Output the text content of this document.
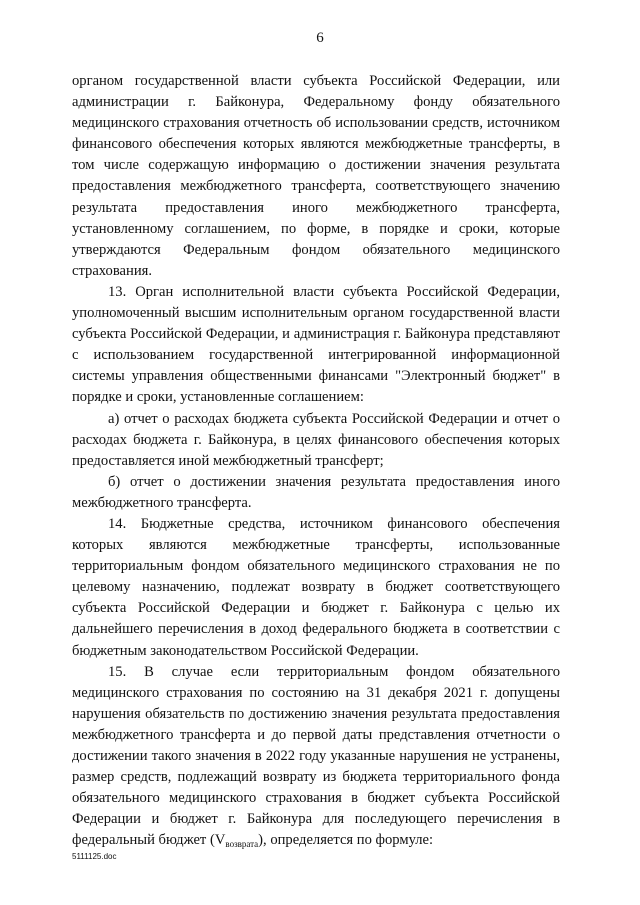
6

органом государственной власти субъекта Российской Федерации, или администрации г. Байконура, Федеральному фонду обязательного медицинского страхования отчетность об использовании средств, источником финансового обеспечения которых являются межбюджетные трансферты, в том числе содержащую информацию о достижении значения результата предоставления межбюджетного трансферта, соответствующего значению результата предоставления иного межбюджетного трансферта, установленному соглашением, по форме, в порядке и сроки, которые утверждаются Федеральным фондом обязательного медицинского страхования.

13. Орган исполнительной власти субъекта Российской Федерации, уполномоченный высшим исполнительным органом государственной власти субъекта Российской Федерации, и администрация г. Байконура представляют с использованием государственной интегрированной информационной системы управления общественными финансами "Электронный бюджет" в порядке и сроки, установленные соглашением:

а) отчет о расходах бюджета субъекта Российской Федерации и отчет о расходах бюджета г. Байконура, в целях финансового обеспечения которых предоставляется иной межбюджетный трансферт;

б) отчет о достижении значения результата предоставления иного межбюджетного трансферта.

14. Бюджетные средства, источником финансового обеспечения которых являются межбюджетные трансферты, использованные территориальным фондом обязательного медицинского страхования не по целевому назначению, подлежат возврату в бюджет соответствующего субъекта Российской Федерации и бюджет г. Байконура с целью их дальнейшего перечисления в доход федерального бюджета в соответствии с бюджетным законодательством Российской Федерации.

15. В случае если территориальным фондом обязательного медицинского страхования по состоянию на 31 декабря 2021 г. допущены нарушения обязательств по достижению значения результата предоставления межбюджетного трансферта и до первой даты представления отчетности о достижении такого значения в 2022 году указанные нарушения не устранены, размер средств, подлежащий возврату из бюджета территориального фонда обязательного медицинского страхования в бюджет субъекта Российской Федерации и бюджет г. Байконура для последующего перечисления в федеральный бюджет $(V_{возврата})$, определяется по формуле:

5111125.doc
